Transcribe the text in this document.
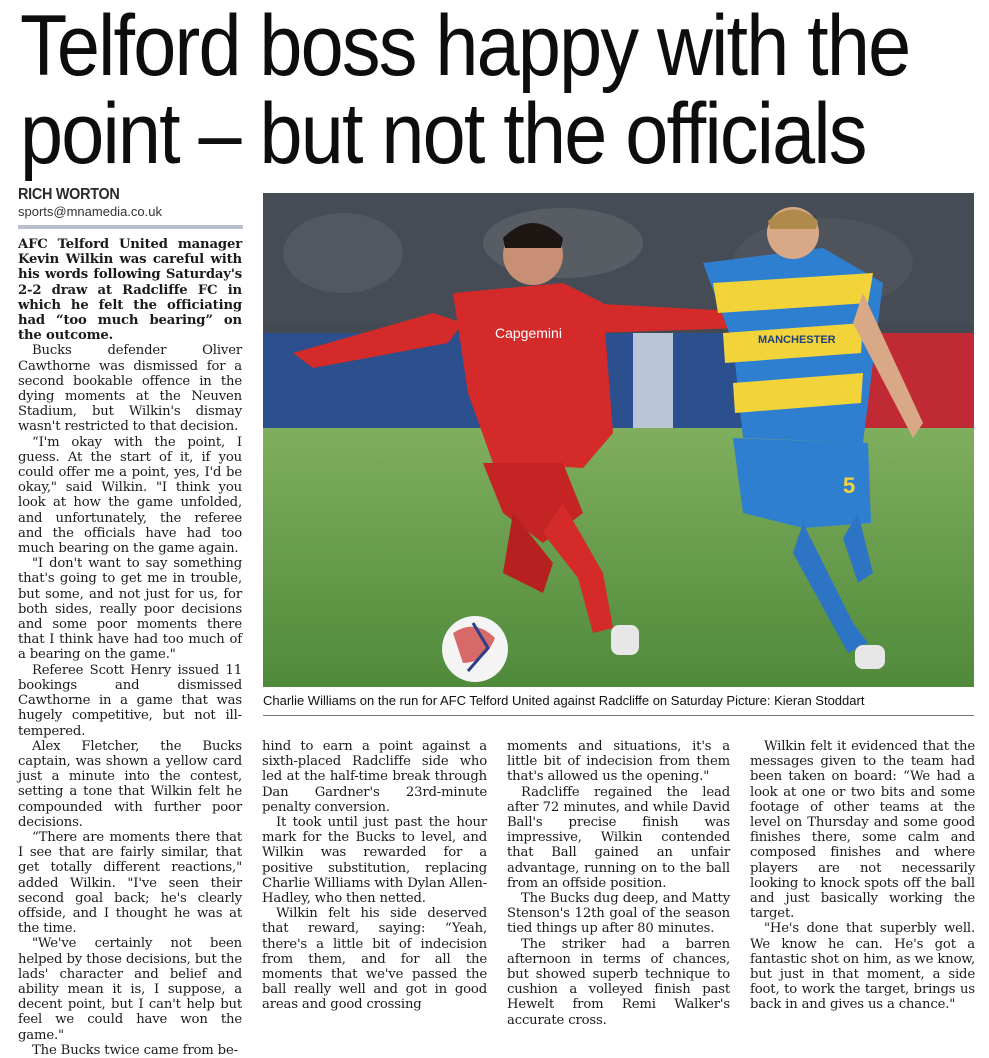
Telford boss happy with the
point – but not the officials
RICH WORTON
sports@mnamedia.co.uk

AFC Telford United manager Kevin Wilkin was careful with his words following Saturday's 2-2 draw at Radcliffe FC in which he felt the officiating had “too much bearing” on the outcome.

Bucks defender Oliver Cawthorne was dismissed for a second bookable offence in the dying moments at the Neuven Stadium, but Wilkin's dismay wasn't restricted to that decision.

“I'm okay with the point, I guess. At the start of it, if you could offer me a point, yes, I'd be okay," said Wilkin. "I think you look at how the game unfolded, and unfortunately, the referee and the officials have had too much bearing on the game again.

"I don't want to say something that's going to get me in trouble, but some, and not just for us, for both sides, really poor decisions and some poor moments there that I think have had too much of a bearing on the game."

Referee Scott Henry issued 11 bookings and dismissed Cawthorne in a game that was hugely competitive, but not ill-tempered.

Alex Fletcher, the Bucks captain, was shown a yellow card just a minute into the contest, setting a tone that Wilkin felt he compounded with further poor decisions.

“There are moments there that I see that are fairly similar, that get totally different reactions," added Wilkin. "I've seen their second goal back; he's clearly offside, and I thought he was at the time.

"We've certainly not been helped by those decisions, but the lads' character and belief and ability mean it is, I suppose, a decent point, but I can't help but feel we could have won the game."

The Bucks twice came from be-

Capgemini	MANCHESTER
5
Charlie Williams on the run for AFC Telford United against Radcliffe on Saturday Picture: Kieran Stoddart

hind to earn a point against a sixth-placed Radcliffe side who led at the half-time break through Dan Gardner's 23rd-minute penalty conversion.

It took until just past the hour mark for the Bucks to level, and Wilkin was rewarded for a positive substitution, replacing Charlie Williams with Dylan Allen-Hadley, who then netted.

Wilkin felt his side deserved that reward, saying: “Yeah, there's a little bit of indecision from them, and for all the moments that we've passed the ball really well and got in good areas and good crossing

moments and situations, it's a little bit of indecision from them that's allowed us the opening."

Radcliffe regained the lead after 72 minutes, and while David Ball's precise finish was impressive, Wilkin contended that Ball gained an unfair advantage, running on to the ball from an offside position.

The Bucks dug deep, and Matty Stenson's 12th goal of the season tied things up after 80 minutes.

The striker had a barren afternoon in terms of chances, but showed superb technique to cushion a volleyed finish past Hewelt from Remi Walker's accurate cross.

Wilkin felt it evidenced that the messages given to the team had been taken on board: “We had a look at one or two bits and some footage of other teams at the level on Thursday and some good finishes there, some calm and composed finishes and where players are not necessarily looking to knock spots off the ball and just basically working the target.

"He's done that superbly well. We know he can. He's got a fantastic shot on him, as we know, but just in that moment, a side foot, to work the target, brings us back in and gives us a chance."
